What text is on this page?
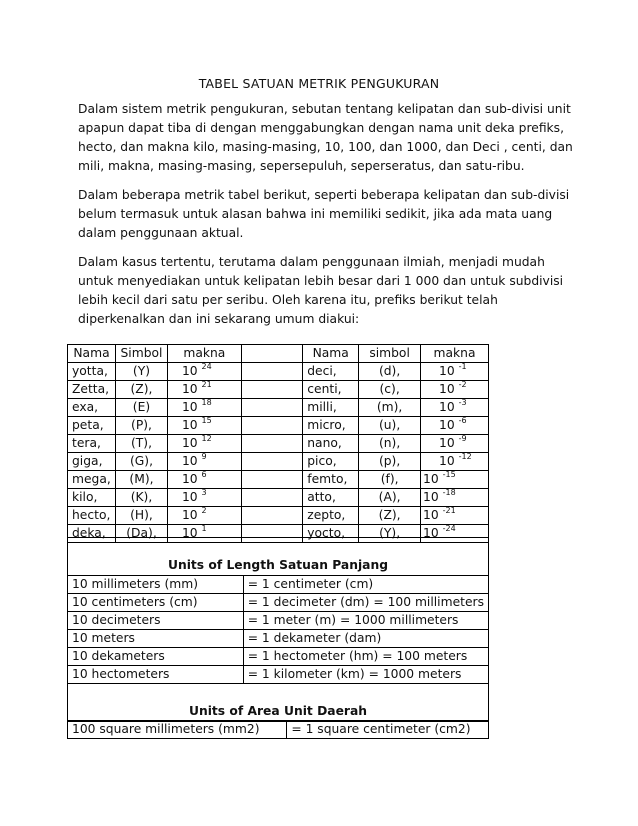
TABEL SATUAN METRIK PENGUKURAN

Dalam sistem metrik pengukuran, sebutan tentang kelipatan dan sub-divisi unit apapun dapat tiba di dengan menggabungkan dengan nama unit deka prefiks, hecto, dan makna kilo, masing-masing, 10, 100, dan 1000, dan Deci , centi, dan mili, makna, masing-masing, sepersepuluh, seperseratus, dan satu-ribu.

Dalam beberapa metrik tabel berikut, seperti beberapa kelipatan dan sub-divisi belum termasuk untuk alasan bahwa ini memiliki sedikit, jika ada mata uang dalam penggunaan aktual.

Dalam kasus tertentu, terutama dalam penggunaan ilmiah, menjadi mudah untuk menyediakan untuk kelipatan lebih besar dari 1 000 dan untuk subdivisi lebih kecil dari satu per seribu. Oleh karena itu, prefiks berikut telah diperkenalkan dan ini sekarang umum diakui:

Nama	Simbol	makna		Nama	simbol	makna
yotta,	(Y)	10 $^{24}$		deci,	(d),	10 $^{-1}$
Zetta,	(Z),	10 $^{21}$		centi,	(c),	10 $^{-2}$
exa,	(E)	10 $^{18}$		milli,	(m),	10 $^{-3}$
peta,	(P),	10 $^{15}$		micro,	(u),	10 $^{-6}$
tera,	(T),	10 $^{12}$		nano,	(n),	10 $^{-9}$
giga,	(G),	10 $^9$		pico,	(p),	10 $^{-12}$
mega,	(M),	10 $^6$		femto,	(f),	10 $^{-15}$
kilo,	(K),	10 $^3$		atto,	(A),	10 $^{-18}$
hecto,	(H),	10 $^2$		zepto,	(Z),	10 $^{-21}$
deka,	(Da),	10 $^1$		yocto,	(Y),	10 $^{-24}$
Units of Length Satuan Panjang	
10 millimeters (mm)	= 1 centimeter (cm)
10 centimeters (cm)	= 1 decimeter (dm) = 100 millimeters
10 decimeters	= 1 meter (m) = 1000 millimeters
10 meters	= 1 dekameter (dam)
10 dekameters	= 1 hectometer (hm) = 100 meters
10 hectometers	= 1 kilometer (km) = 1000 meters
Units of Area Unit Daerah	
100 square millimeters (mm2)	= 1 square centimeter (cm2)
